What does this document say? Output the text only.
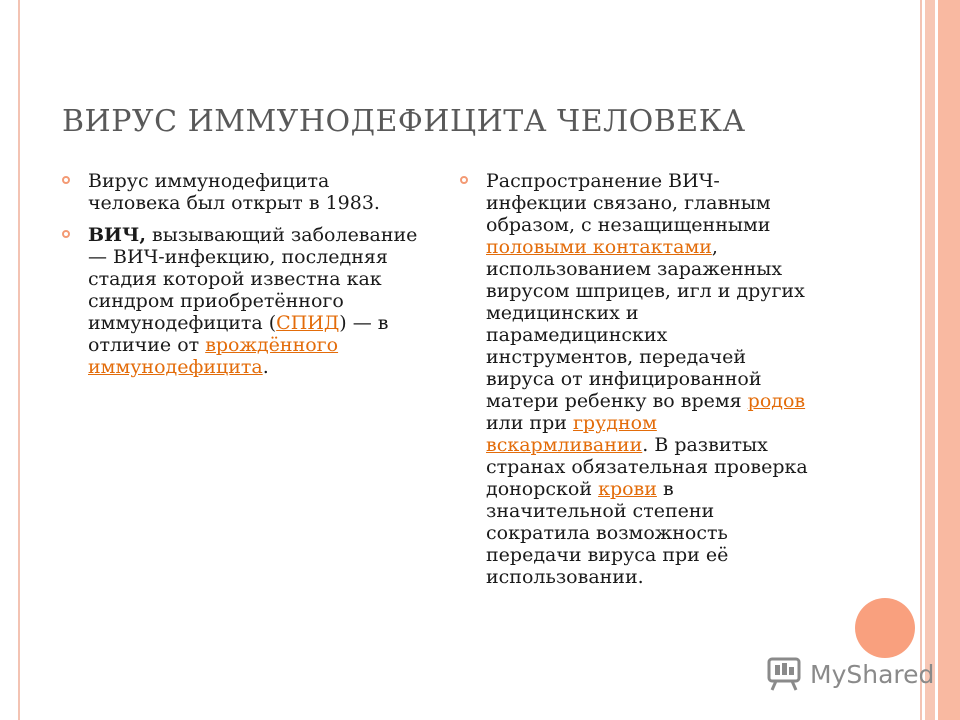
ВИРУС ИММУНОДЕФИЦИТА ЧЕЛОВЕКА
Вирус иммунодефицита человека был открыт в 1983.
ВИЧ, вызывающий заболевание — ВИЧ-инфекцию, последняя стадия которой известна как синдром приобретённого иммунодефицита (СПИД) — в отличие от врождённого иммунодефицита.
Распространение ВИЧ-инфекции связано, главным образом, с незащищенными половыми контактами, использованием зараженных вирусом шприцев, игл и других медицинских и парамедицинских инструментов, передачей вируса от инфицированной матери ребенку во время родов или при грудном вскармливании. В развитых странах обязательная проверка донорской крови в значительной степени сократила возможность передачи вируса при её использовании.
MyShared
